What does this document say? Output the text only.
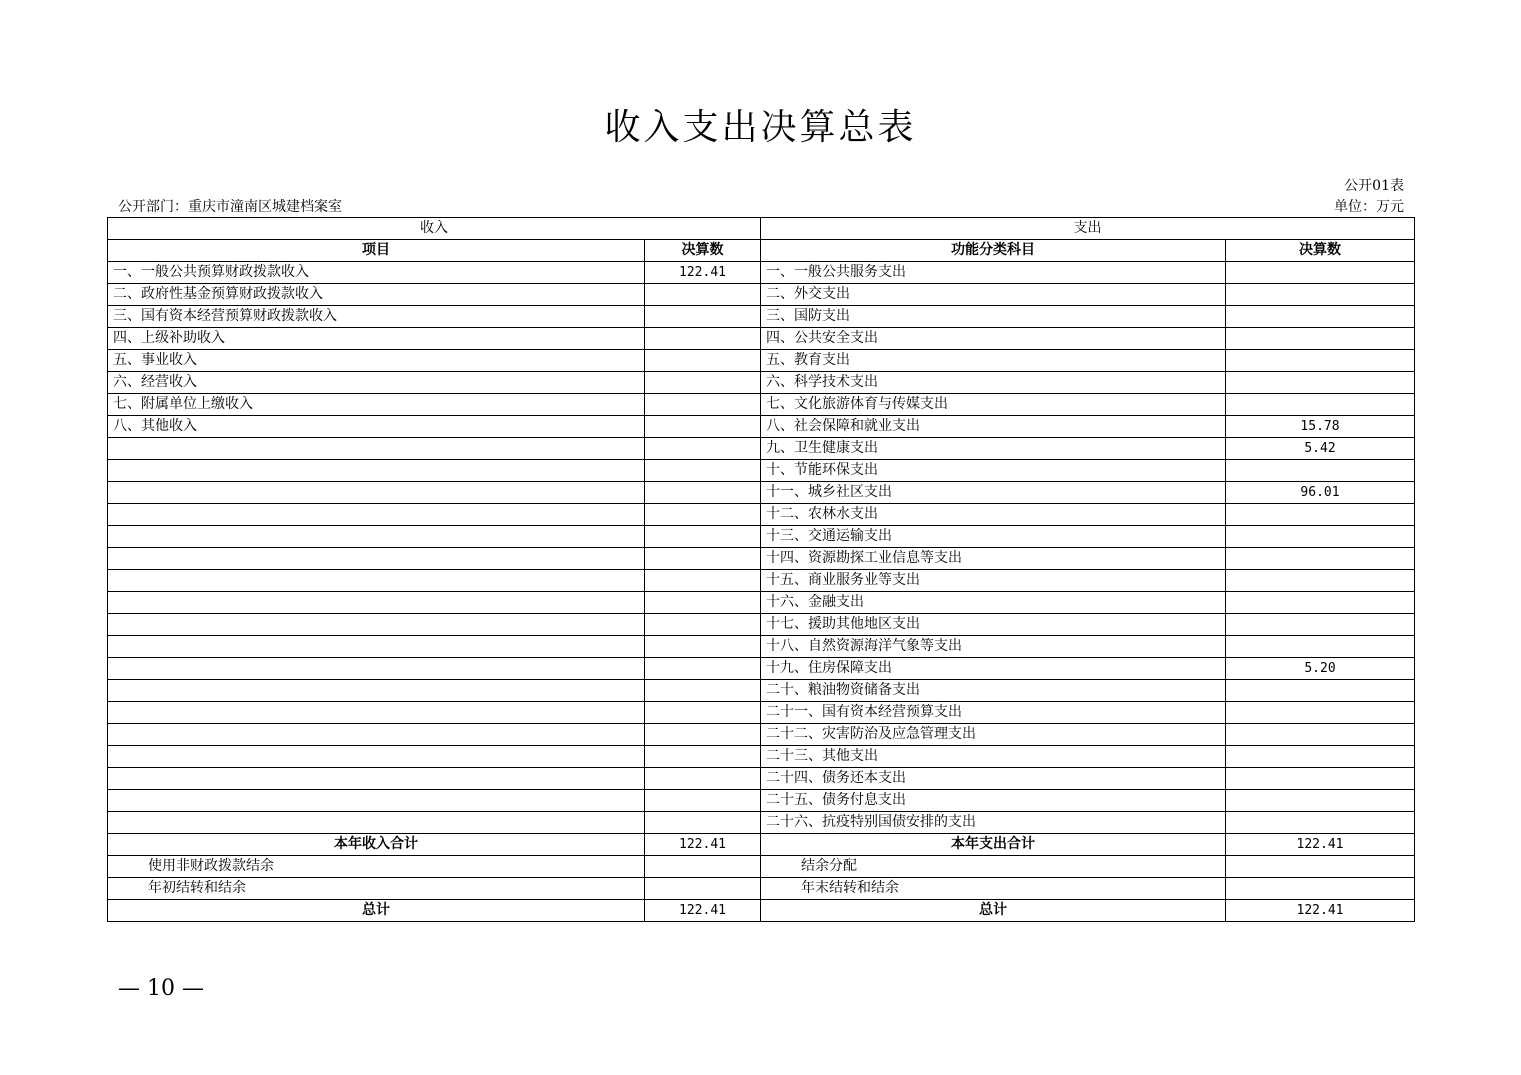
收入支出决算总表
公开01表
公开部门：重庆市潼南区城建档案室	单位：万元
收入		支出	
项目	决算数	功能分类科目	决算数
一、一般公共预算财政拨款收入	122.41	一、一般公共服务支出	
二、政府性基金预算财政拨款收入		二、外交支出	
三、国有资本经营预算财政拨款收入		三、国防支出	
四、上级补助收入		四、公共安全支出	
五、事业收入		五、教育支出	
六、经营收入		六、科学技术支出	
七、附属单位上缴收入		七、文化旅游体育与传媒支出	
八、其他收入		八、社会保障和就业支出	15.78
		九、卫生健康支出	5.42
		十、节能环保支出	
		十一、城乡社区支出	96.01
		十二、农林水支出	
		十三、交通运输支出	
		十四、资源勘探工业信息等支出	
		十五、商业服务业等支出	
		十六、金融支出	
		十七、援助其他地区支出	
		十八、自然资源海洋气象等支出	
		十九、住房保障支出	5.20
		二十、粮油物资储备支出	
		二十一、国有资本经营预算支出	
		二十二、灾害防治及应急管理支出	
		二十三、其他支出	
		二十四、债务还本支出	
		二十五、债务付息支出	
		二十六、抗疫特别国债安排的支出	
本年收入合计	122.41	本年支出合计	122.41
使用非财政拨款结余		结余分配	
年初结转和结余		年末结转和结余	
总计	122.41	总计	122.41
— 10 —
